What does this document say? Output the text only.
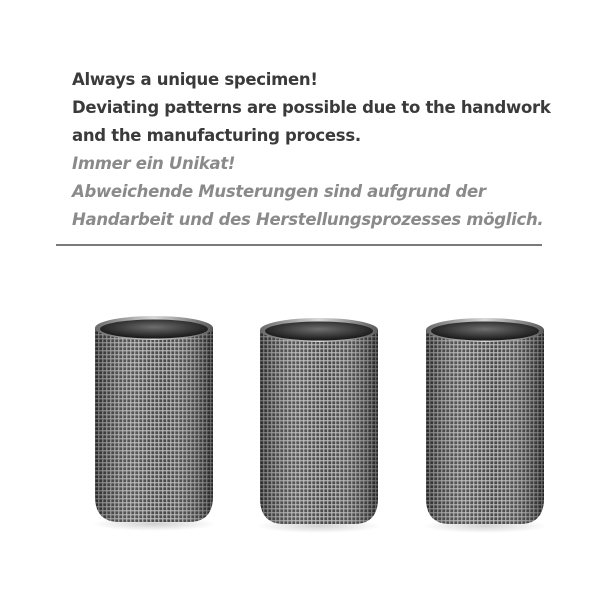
Always a unique specimen!

Deviating patterns are possible due to the handwork

and the manufacturing process.

Immer ein Unikat!

Abweichende Musterungen sind aufgrund der

Handarbeit und des Herstellungsprozesses möglich.
